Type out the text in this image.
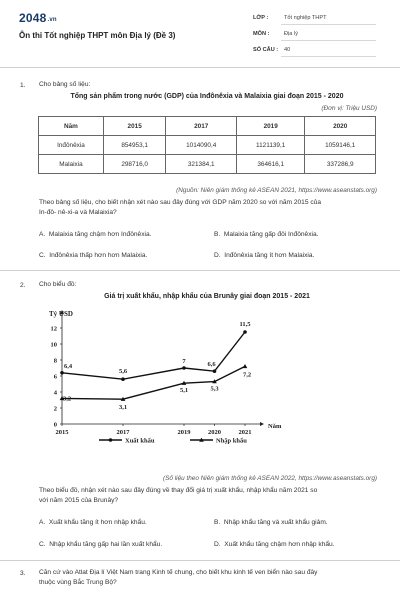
2048.vn
Ôn thi Tốt nghiệp THPT môn Địa lý (Đề 3)
LỚP :	Tốt nghiệp THPT
MÔN :	Địa lý
SỐ CÂU : 40
1. Cho bảng số liệu:
Tổng sản phẩm trong nước (GDP) của Inđônêxia và Malaixia giai đoạn 2015 - 2020
(Đơn vị: Triệu USD)
Năm	2015	2017	2019	2020
Inđônêxia	854953,1	1014090,4	1121139,1	1059146,1
Malaixia	298716,0	321384,1	364616,1	337286,9
(Nguồn: Niên giám thống kê ASEAN 2021, https://www.aseanstats.org)
Theo bảng số liệu, cho biết nhận xét nào sau đây đúng với GDP năm 2020 so với năm 2015 của
In-đô- nê-xi-a và Malaixia?
A.  Malaixia tăng chậm hơn Inđônêxia.	B.  Malaixia tăng gấp đôi Inđônêxia.
C.  Inđônêxia thấp hơn hơn Malaixia.	D.  Inđônêxia tăng ít hơn Malaixia.
2. Cho biểu đồ:
Giá trị xuất khẩu, nhập khẩu của Brunây giai đoạn 2015 - 2021
Tỷ USD
Năm
0
2
4
6
8
10
12
2015	2017	2019	2020	2021
6,4
5,6
7	6,6
11,5
3,2
3,1
5,1	5,3
7,2
Xuất khẩu	Nhập khẩu
(Số liệu theo Niên giám thống kê ASEAN 2022, https://www.aseanstats.org)
Theo biểu đồ, nhận xét nào sau đây đúng về thay đổi giá trị xuất khẩu, nhập khẩu năm 2021 so
với năm 2015 của Brunây?
A.  Xuất khẩu tăng ít hơn nhập khẩu.	B.  Nhập khẩu tăng và xuất khẩu giảm.
C.  Nhập khẩu tăng gấp hai lần xuất khẩu.	D.  Xuất khẩu tăng chậm hơn nhập khẩu.
3. Căn cứ vào Atlat Địa lí Việt Nam trang Kinh tế chung, cho biết khu kinh tế ven biển nào sau đây
thuộc vùng Bắc Trung Bộ?
